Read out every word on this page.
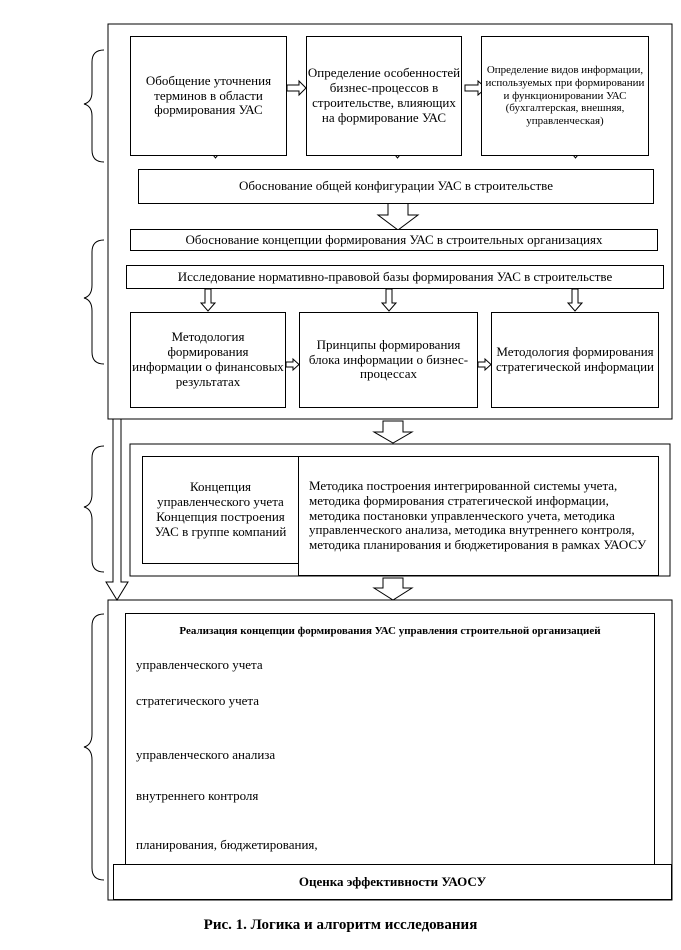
Обобщение уточнения терминов в области формирования УАС
Определение особенностей бизнес-процессов в строительстве, влияющих на формирование УАС
Определение видов информации, используемых при формировании и функционировании УАС (бухгалтерская, внешняя, управленческая)
Обоснование общей конфигурации УАС в строительстве
Обоснование концепции формирования УАС в строительных организациях
Исследование нормативно-правовой базы формирования УАС в строительстве
Методология формирования информации о финансовых результатах
Принципы формирования блока информации о бизнес-процессах
Методология формирования стратегической информации
Концепция управленческого учета Концепция построения УАС в группе компаний
Методика построения интегрированной системы учета, методика формирования стратегической информации, методика постановки управленческого учета, методика управленческого анализа, методика внутреннего контроля, методика планирования и бюджетирования в рамках УАОСУ
Реализация концепции формирования УАС управления строительной организацией
управленческого учета
стратегического учета
управленческого анализа
внутреннего контроля
планирования, бюджетирования,
Оценка эффективности УАОСУ
Рис. 1. Логика и алгоритм исследования
